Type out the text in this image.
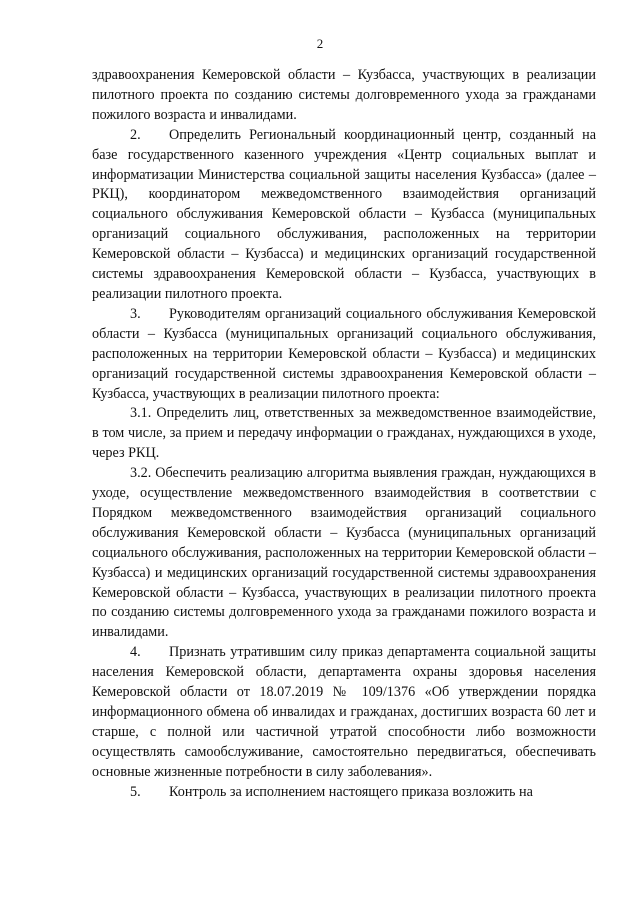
2

здравоохранения Кемеровской области – Кузбасса, участвующих в реализации пилотного проекта по созданию системы долговременного ухода за гражданами пожилого возраста и инвалидами.

2.  Определить Региональный координационный центр, созданный на базе государственного казенного учреждения «Центр социальных выплат и информатизации Министерства социальной защиты населения Кузбасса» (далее – РКЦ), координатором межведомственного взаимодействия организаций социального обслуживания Кемеровской области – Кузбасса (муниципальных организаций социального обслуживания, расположенных на территории Кемеровской области – Кузбасса) и медицинских организаций государственной системы здравоохранения Кемеровской области – Кузбасса, участвующих в реализации пилотного проекта.

3.  Руководителям организаций социального обслуживания Кемеровской области – Кузбасса (муниципальных организаций социального обслуживания, расположенных на территории Кемеровской области – Кузбасса) и медицинских организаций государственной системы здравоохранения Кемеровской области – Кузбасса, участвующих в реализации пилотного проекта:

3.1. Определить лиц, ответственных за межведомственное взаимодействие, в том числе, за прием и передачу информации о гражданах, нуждающихся в уходе, через РКЦ.

3.2. Обеспечить реализацию алгоритма выявления граждан, нуждающихся в уходе, осуществление межведомственного взаимодействия в соответствии с Порядком межведомственного взаимодействия организаций социального обслуживания Кемеровской области – Кузбасса (муниципальных организаций социального обслуживания, расположенных на территории Кемеровской области – Кузбасса) и медицинских организаций государственной системы здравоохранения Кемеровской области – Кузбасса, участвующих в реализации пилотного проекта по созданию системы долговременного ухода за гражданами пожилого возраста и инвалидами.

4.  Признать утратившим силу приказ департамента социальной защиты населения Кемеровской области, департамента охраны здоровья населения Кемеровской области от 18.07.2019 № 109/1376 «Об утверждении порядка информационного обмена об инвалидах и гражданах, достигших возраста 60 лет и старше, с полной или частичной утратой способности либо возможности осуществлять самообслуживание, самостоятельно передвигаться, обеспечивать основные жизненные потребности в силу заболевания».

5.  Контроль за исполнением настоящего приказа возложить на
